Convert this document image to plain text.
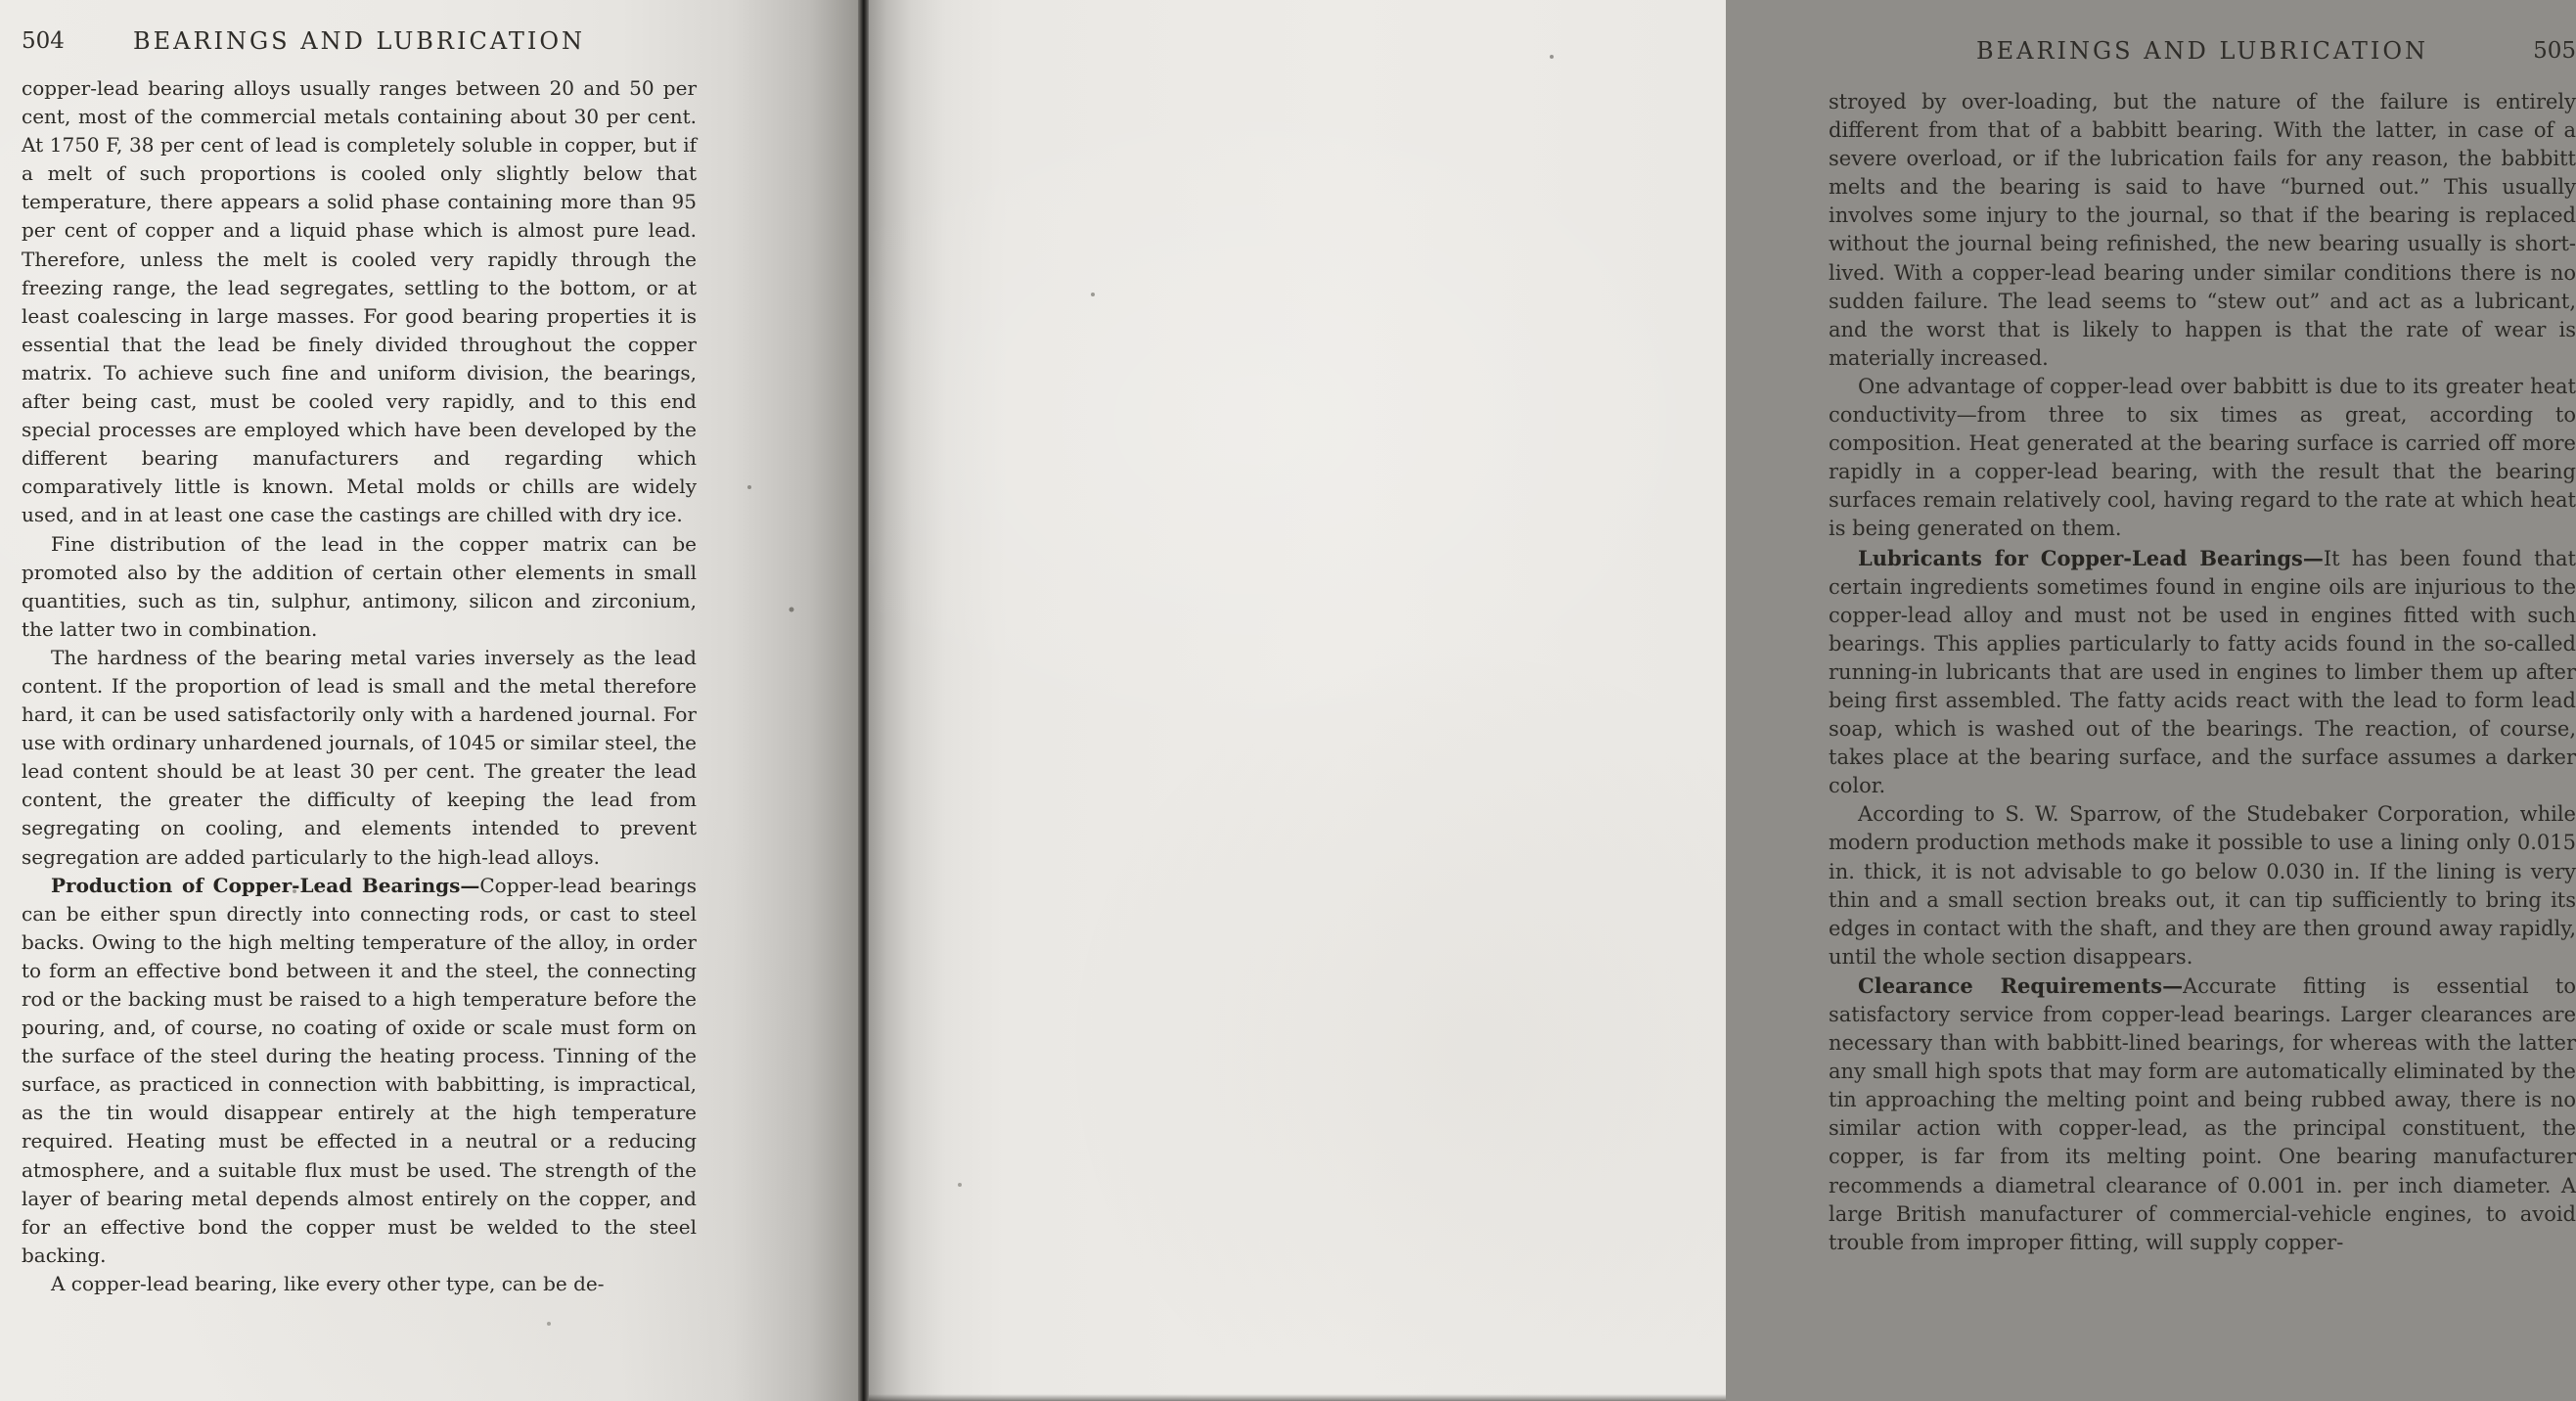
504	BEARINGS AND LUBRICATION

copper-lead bearing alloys usually ranges between 20 and 50 per cent, most of the commercial metals containing about 30 per cent. At 1750 F, 38 per cent of lead is completely soluble in copper, but if a melt of such proportions is cooled only slightly below that temperature, there appears a solid phase containing more than 95 per cent of copper and a liquid phase which is almost pure lead. Therefore, unless the melt is cooled very rapidly through the freezing range, the lead segregates, settling to the bottom, or at least coalescing in large masses. For good bearing properties it is essential that the lead be finely divided throughout the copper matrix. To achieve such fine and uniform division, the bearings, after being cast, must be cooled very rapidly, and to this end special processes are employed which have been developed by the different bearing manufacturers and regarding which comparatively little is known. Metal molds or chills are widely used, and in at least one case the castings are chilled with dry ice.

Fine distribution of the lead in the copper matrix can be promoted also by the addition of certain other elements in small quantities, such as tin, sulphur, antimony, silicon and zirconium, the latter two in combination.

The hardness of the bearing metal varies inversely as the lead content. If the proportion of lead is small and the metal therefore hard, it can be used satisfactorily only with a hardened journal. For use with ordinary unhardened journals, of 1045 or similar steel, the lead content should be at least 30 per cent. The greater the lead content, the greater the difficulty of keeping the lead from segregating on cooling, and elements intended to prevent segregation are added particularly to the high-lead alloys.

Production of Copper-Lead Bearings—Copper-lead bearings can be either spun directly into connecting rods, or cast to steel backs. Owing to the high melting temperature of the alloy, in order to form an effective bond between it and the steel, the connecting rod or the backing must be raised to a high temperature before the pouring, and, of course, no coating of oxide or scale must form on the surface of the steel during the heating process. Tinning of the surface, as practiced in connection with babbitting, is impractical, as the tin would disappear entirely at the high temperature required. Heating must be effected in a neutral or a reducing atmosphere, and a suitable flux must be used. The strength of the layer of bearing metal depends almost entirely on the copper, and for an effective bond the copper must be welded to the steel backing.

A copper-lead bearing, like every other type, can be de-

BEARINGS AND LUBRICATION	505

stroyed by over-loading, but the nature of the failure is entirely different from that of a babbitt bearing. With the latter, in case of a severe overload, or if the lubrication fails for any reason, the babbitt melts and the bearing is said to have “burned out.” This usually involves some injury to the journal, so that if the bearing is replaced without the journal being refinished, the new bearing usually is short-lived. With a copper-lead bearing under similar conditions there is no sudden failure. The lead seems to “stew out” and act as a lubricant, and the worst that is likely to happen is that the rate of wear is materially increased.

One advantage of copper-lead over babbitt is due to its greater heat conductivity—from three to six times as great, according to composition. Heat generated at the bearing surface is carried off more rapidly in a copper-lead bearing, with the result that the bearing surfaces remain relatively cool, having regard to the rate at which heat is being generated on them.

Lubricants for Copper-Lead Bearings—It has been found that certain ingredients sometimes found in engine oils are injurious to the copper-lead alloy and must not be used in engines fitted with such bearings. This applies particularly to fatty acids found in the so-called running-in lubricants that are used in engines to limber them up after being first assembled. The fatty acids react with the lead to form lead soap, which is washed out of the bearings. The reaction, of course, takes place at the bearing surface, and the surface assumes a darker color.

According to S. W. Sparrow, of the Studebaker Corporation, while modern production methods make it possible to use a lining only 0.015 in. thick, it is not advisable to go below 0.030 in. If the lining is very thin and a small section breaks out, it can tip sufficiently to bring its edges in contact with the shaft, and they are then ground away rapidly, until the whole section disappears.

Clearance Requirements—Accurate fitting is essential to satisfactory service from copper-lead bearings. Larger clearances are necessary than with babbitt-lined bearings, for whereas with the latter any small high spots that may form are automatically eliminated by the tin approaching the melting point and being rubbed away, there is no similar action with copper-lead, as the principal constituent, the copper, is far from its melting point. One bearing manufacturer recommends a diametral clearance of 0.001 in. per inch diameter. A large British manufacturer of commercial-vehicle engines, to avoid trouble from improper fitting, will supply copper-
